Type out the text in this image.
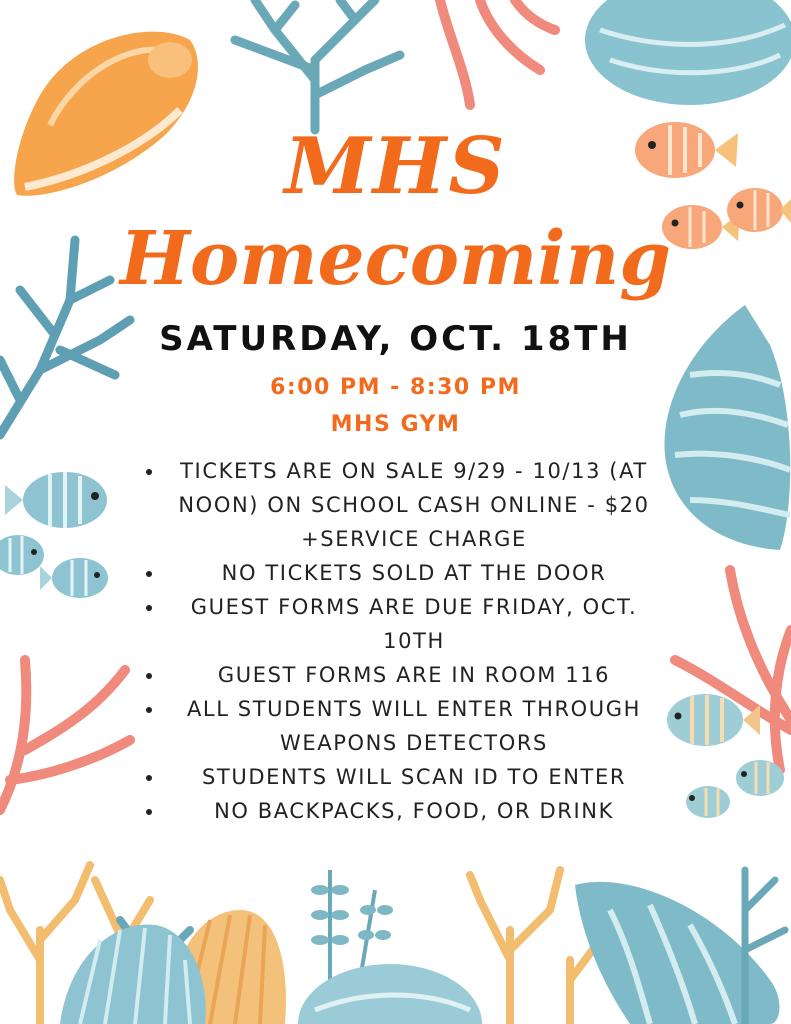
MHS
Homecoming
SATURDAY, OCT. 18TH
6:00 PM - 8:30 PM
MHS GYM
TICKETS ARE ON SALE 9/29 - 10/13 (AT NOON) ON SCHOOL CASH ONLINE - $20 +SERVICE CHARGE
NO TICKETS SOLD AT THE DOOR
GUEST FORMS ARE DUE FRIDAY, OCT. 10TH
GUEST FORMS ARE IN ROOM 116
ALL STUDENTS WILL ENTER THROUGH WEAPONS DETECTORS
STUDENTS WILL SCAN ID TO ENTER
NO BACKPACKS, FOOD, OR DRINK
